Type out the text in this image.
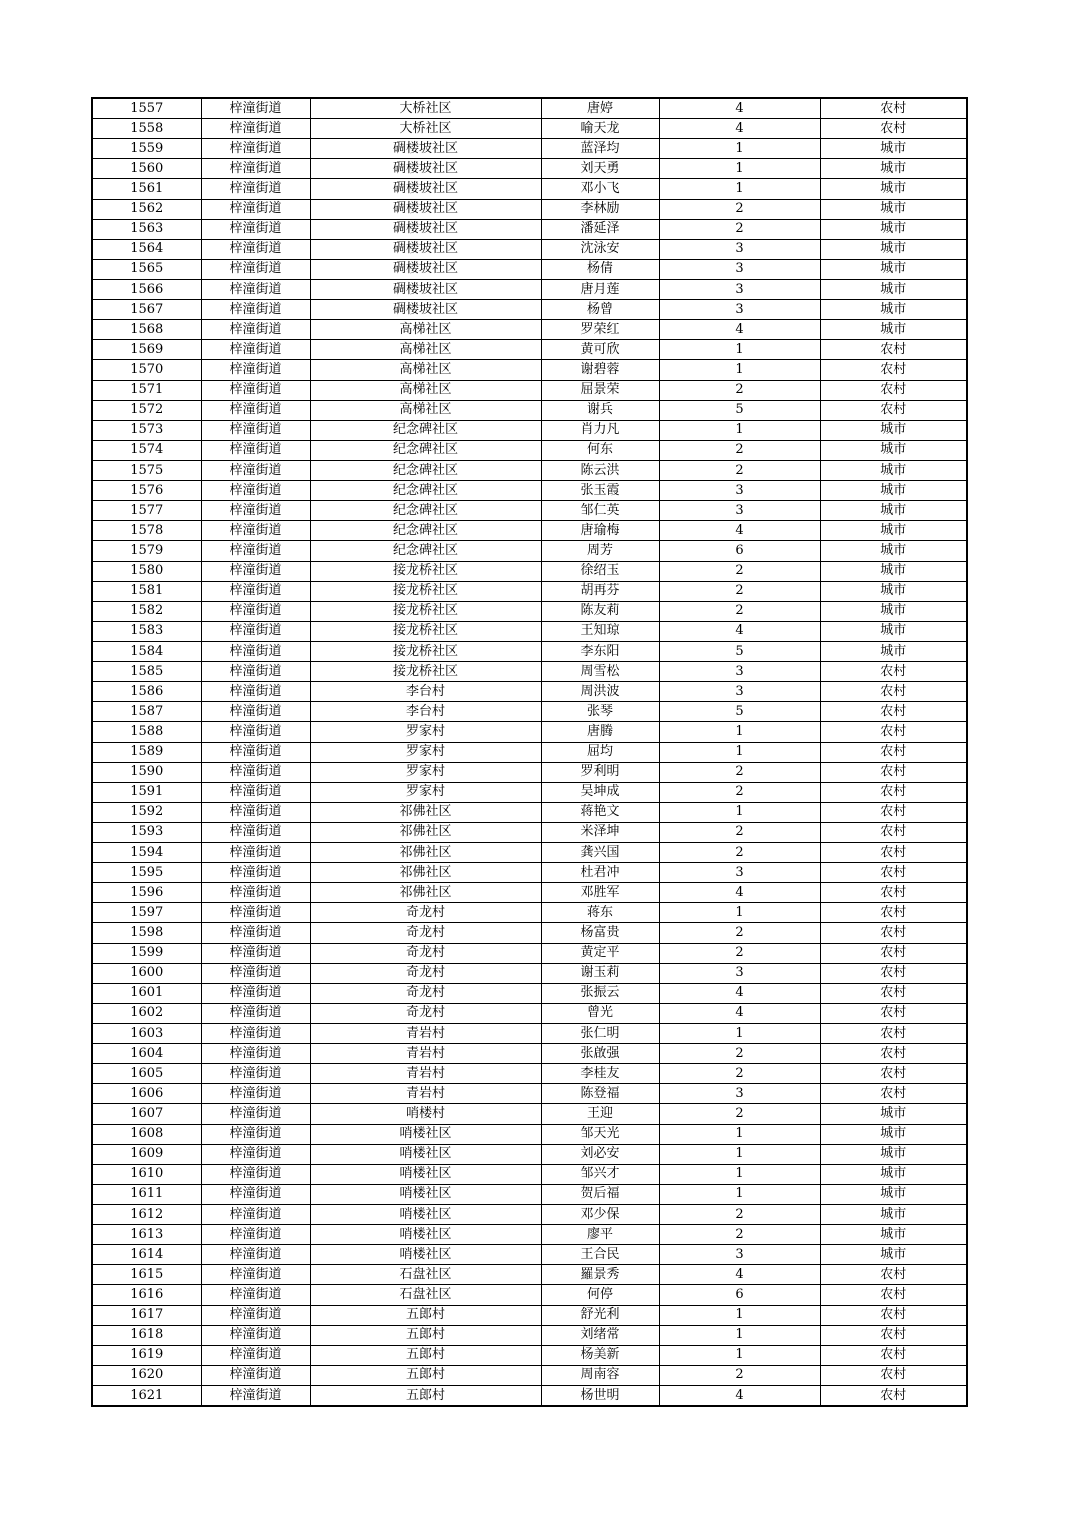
1557	梓潼街道	大桥社区	唐婷	4	农村
1558	梓潼街道	大桥社区	喻天龙	4	农村
1559	梓潼街道	碉楼坡社区	蓝泽均	1	城市
1560	梓潼街道	碉楼坡社区	刘天勇	1	城市
1561	梓潼街道	碉楼坡社区	邓小飞	1	城市
1562	梓潼街道	碉楼坡社区	李林励	2	城市
1563	梓潼街道	碉楼坡社区	潘延泽	2	城市
1564	梓潼街道	碉楼坡社区	沈泳安	3	城市
1565	梓潼街道	碉楼坡社区	杨倩	3	城市
1566	梓潼街道	碉楼坡社区	唐月莲	3	城市
1567	梓潼街道	碉楼坡社区	杨曾	3	城市
1568	梓潼街道	高梯社区	罗荣红	4	城市
1569	梓潼街道	高梯社区	黄可欣	1	农村
1570	梓潼街道	高梯社区	谢碧蓉	1	农村
1571	梓潼街道	高梯社区	屈景荣	2	农村
1572	梓潼街道	高梯社区	谢兵	5	农村
1573	梓潼街道	纪念碑社区	肖力凡	1	城市
1574	梓潼街道	纪念碑社区	何东	2	城市
1575	梓潼街道	纪念碑社区	陈云洪	2	城市
1576	梓潼街道	纪念碑社区	张玉霞	3	城市
1577	梓潼街道	纪念碑社区	邹仁英	3	城市
1578	梓潼街道	纪念碑社区	唐瑜梅	4	城市
1579	梓潼街道	纪念碑社区	周芳	6	城市
1580	梓潼街道	接龙桥社区	徐绍玉	2	城市
1581	梓潼街道	接龙桥社区	胡再芬	2	城市
1582	梓潼街道	接龙桥社区	陈友莉	2	城市
1583	梓潼街道	接龙桥社区	王知琼	4	城市
1584	梓潼街道	接龙桥社区	李东阳	5	城市
1585	梓潼街道	接龙桥社区	周雪松	3	农村
1586	梓潼街道	李台村	周洪波	3	农村
1587	梓潼街道	李台村	张琴	5	农村
1588	梓潼街道	罗家村	唐腾	1	农村
1589	梓潼街道	罗家村	屈均	1	农村
1590	梓潼街道	罗家村	罗利明	2	农村
1591	梓潼街道	罗家村	吴坤成	2	农村
1592	梓潼街道	祁佛社区	蒋艳文	1	农村
1593	梓潼街道	祁佛社区	米泽坤	2	农村
1594	梓潼街道	祁佛社区	龚兴国	2	农村
1595	梓潼街道	祁佛社区	杜君冲	3	农村
1596	梓潼街道	祁佛社区	邓胜军	4	农村
1597	梓潼街道	奇龙村	蒋东	1	农村
1598	梓潼街道	奇龙村	杨富贵	2	农村
1599	梓潼街道	奇龙村	黄定平	2	农村
1600	梓潼街道	奇龙村	谢玉莉	3	农村
1601	梓潼街道	奇龙村	张振云	4	农村
1602	梓潼街道	奇龙村	曾光	4	农村
1603	梓潼街道	青岩村	张仁明	1	农村
1604	梓潼街道	青岩村	张啟强	2	农村
1605	梓潼街道	青岩村	李桂友	2	农村
1606	梓潼街道	青岩村	陈登福	3	农村
1607	梓潼街道	哨楼村	王迎	2	城市
1608	梓潼街道	哨楼社区	邹天光	1	城市
1609	梓潼街道	哨楼社区	刘必安	1	城市
1610	梓潼街道	哨楼社区	邹兴才	1	城市
1611	梓潼街道	哨楼社区	贺后福	1	城市
1612	梓潼街道	哨楼社区	邓少保	2	城市
1613	梓潼街道	哨楼社区	廖平	2	城市
1614	梓潼街道	哨楼社区	王合民	3	城市
1615	梓潼街道	石盘社区	羅景秀	4	农村
1616	梓潼街道	石盘社区	何停	6	农村
1617	梓潼街道	五郎村	舒光利	1	农村
1618	梓潼街道	五郎村	刘绪常	1	农村
1619	梓潼街道	五郎村	杨美新	1	农村
1620	梓潼街道	五郎村	周南容	2	农村
1621	梓潼街道	五郎村	杨世明	4	农村
